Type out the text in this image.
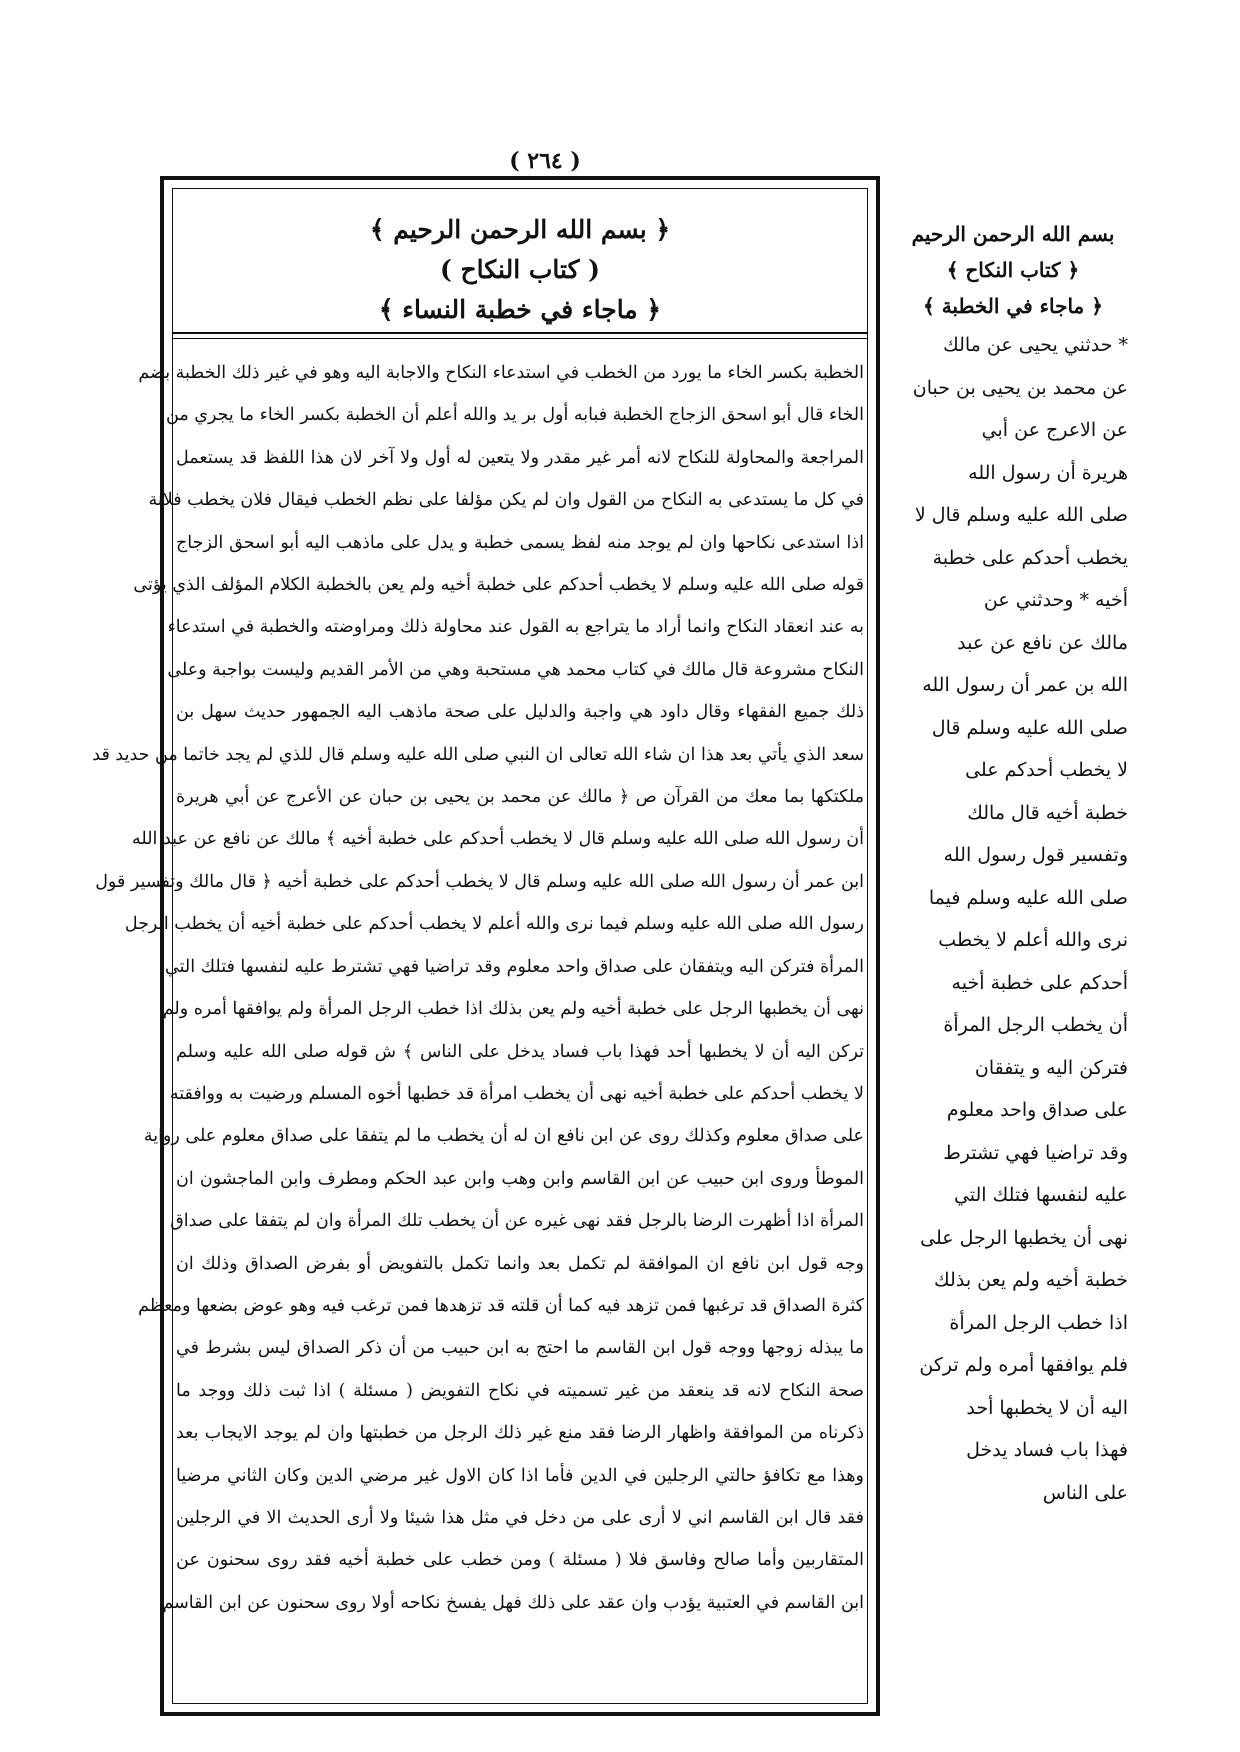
( ٢٦٤ )
﴿ بسم الله الرحمن الرحيم ﴾
( كتاب النكاح )
﴿ ماجاء في خطبة النساء ﴾
الخطبة بكسر الخاء ما يورد من الخطب في استدعاء النكاح والاجابة اليه وهو في غير ذلك الخطبة بضم
الخاء قال أبو اسحق الزجاج الخطبة فبابه أول بر يد والله أعلم أن الخطبة بكسر الخاء ما يجري من
المراجعة والمحاولة للنكاح لانه أمر غير مقدر ولا يتعين له أول ولا آخر لان هذا اللفظ قد يستعمل
في كل ما يستدعى به النكاح من القول وان لم يكن مؤلفا على نظم الخطب فيقال فلان يخطب فلانة
اذا استدعى نكاحها وان لم يوجد منه لفظ يسمى خطبة و يدل على ماذهب اليه أبو اسحق الزجاج
قوله صلى الله عليه وسلم لا يخطب أحدكم على خطبة أخيه ولم يعن بالخطبة الكلام المؤلف الذي يؤتى
به عند انعقاد النكاح وانما أراد ما يتراجع به القول عند محاولة ذلك ومراوضته والخطبة في استدعاء
النكاح مشروعة قال مالك في كتاب محمد هي مستحبة وهي من الأمر القديم وليست بواجبة وعلى
ذلك جميع الفقهاء وقال داود هي واجبة والدليل على صحة ماذهب اليه الجمهور حديث سهل بن
سعد الذي يأتي بعد هذا ان شاء الله تعالى ان النبي صلى الله عليه وسلم قال للذي لم يجد خاتما من حديد قد
ملكتكها بما معك من القرآن ص ﴿ مالك عن محمد بن يحيى بن حبان عن الأعرج عن أبي هريرة
أن رسول الله صلى الله عليه وسلم قال لا يخطب أحدكم على خطبة أخيه ﴾ مالك عن نافع عن عبد الله
ابن عمر أن رسول الله صلى الله عليه وسلم قال لا يخطب أحدكم على خطبة أخيه ﴿ قال مالك وتفسير قول
رسول الله صلى الله عليه وسلم فيما نرى والله أعلم لا يخطب أحدكم على خطبة أخيه أن يخطب الرجل
المرأة فتركن اليه ويتفقان على صداق واحد معلوم وقد تراضيا فهي تشترط عليه لنفسها فتلك التي
نهى أن يخطبها الرجل على خطبة أخيه ولم يعن بذلك اذا خطب الرجل المرأة ولم يوافقها أمره ولم
تركن اليه أن لا يخطبها أحد فهذا باب فساد يدخل على الناس ﴾ ش قوله صلى الله عليه وسلم
لا يخطب أحدكم على خطبة أخيه نهى أن يخطب امرأة قد خطبها أخوه المسلم ورضيت به ووافقته
على صداق معلوم وكذلك روى عن ابن نافع ان له أن يخطب ما لم يتفقا على صداق معلوم على رواية
الموطأ وروى ابن حبيب عن ابن القاسم وابن وهب وابن عبد الحكم ومطرف وابن الماجشون ان
المرأة اذا أظهرت الرضا بالرجل فقد نهى غيره عن أن يخطب تلك المرأة وان لم يتفقا على صداق
وجه قول ابن نافع ان الموافقة لم تكمل بعد وانما تكمل بالتفويض أو بفرض الصداق وذلك ان
كثرة الصداق قد ترغبها فمن تزهد فيه كما أن قلته قد تزهدها فمن ترغب فيه وهو عوض بضعها ومعظم
ما يبذله زوجها ووجه قول ابن القاسم ما احتج به ابن حبيب من أن ذكر الصداق ليس بشرط في
صحة النكاح لانه قد ينعقد من غير تسميته في نكاح التفويض ( مسئلة ) اذا ثبت ذلك ووجد ما
ذكرناه من الموافقة واظهار الرضا فقد منع غير ذلك الرجل من خطبتها وان لم يوجد الايجاب بعد
وهذا مع تكافؤ حالتي الرجلين في الدين فأما اذا كان الاول غير مرضي الدين وكان الثاني مرضيا
فقد قال ابن القاسم اني لا أرى على من دخل في مثل هذا شيئا ولا أرى الحديث الا في الرجلين
المتقاربين وأما صالح وفاسق فلا ( مسئلة ) ومن خطب على خطبة أخيه فقد روى سحنون عن
ابن القاسم في العتبية يؤدب وان عقد على ذلك فهل يفسخ نكاحه أولا روى سحنون عن ابن القاسم
بسم الله الرحمن الرحيم
﴿ كتاب النكاح ﴾
﴿ ماجاء في الخطبة ﴾
* حدثني يحيى عن مالك
عن محمد بن يحيى بن حبان
عن الاعرج عن أبي
هريرة أن رسول الله
صلى الله عليه وسلم قال لا
يخطب أحدكم على خطبة
أخيه * وحدثني عن
مالك عن نافع عن عبد
الله بن عمر أن رسول الله
صلى الله عليه وسلم قال
لا يخطب أحدكم على
خطبة أخيه قال مالك
وتفسير قول رسول الله
صلى الله عليه وسلم فيما
نرى والله أعلم لا يخطب
أحدكم على خطبة أخيه
أن يخطب الرجل المرأة
فتركن اليه و يتفقان
على صداق واحد معلوم
وقد تراضيا فهي تشترط
عليه لنفسها فتلك التي
نهى أن يخطبها الرجل على
خطبة أخيه ولم يعن بذلك
اذا خطب الرجل المرأة
فلم يوافقها أمره ولم تركن
اليه أن لا يخطبها أحد
فهذا باب فساد يدخل
على الناس
